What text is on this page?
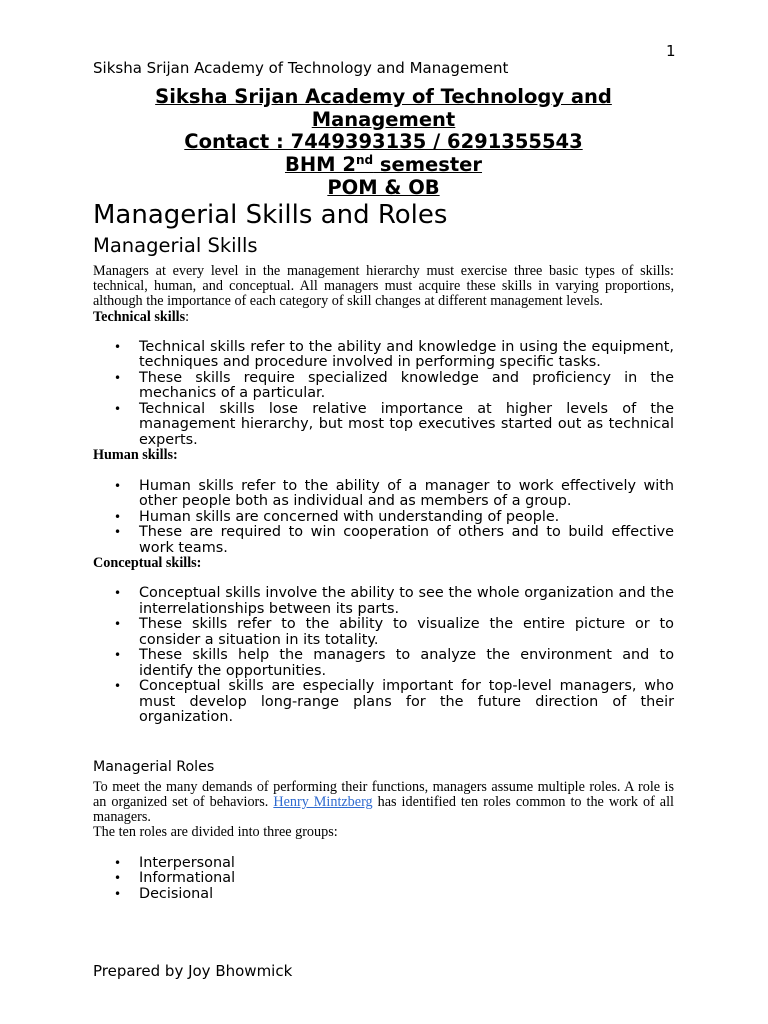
1
Siksha Srijan Academy of Technology and Management
Siksha Srijan Academy of Technology and Management
Contact : 7449393135 / 6291355543
BHM 2nd semester
POM & OB
Managerial Skills and Roles
Managerial Skills

Managers at every level in the management hierarchy must exercise three basic types of skills: technical, human, and conceptual. All managers must acquire these skills in varying proportions, although the importance of each category of skill changes at different management levels.

Technical skills:

• Technical skills refer to the ability and knowledge in using the equipment, techniques and procedure involved in performing specific tasks.
• These skills require specialized knowledge and proficiency in the mechanics of a particular.
• Technical skills lose relative importance at higher levels of the management hierarchy, but most top executives started out as technical experts.

Human skills:

• Human skills refer to the ability of a manager to work effectively with other people both as individual and as members of a group.
• Human skills are concerned with understanding of people.
• These are required to win cooperation of others and to build effective work teams.

Conceptual skills:

• Conceptual skills involve the ability to see the whole organization and the interrelationships between its parts.
• These skills refer to the ability to visualize the entire picture or to consider a situation in its totality.
• These skills help the managers to analyze the environment and to identify the opportunities.
• Conceptual skills are especially important for top-level managers, who must develop long-range plans for the future direction of their organization.
Managerial Roles

To meet the many demands of performing their functions, managers assume multiple roles. A role is an organized set of behaviors. Henry Mintzberg has identified ten roles common to the work of all managers.

The ten roles are divided into three groups:

• Interpersonal
• Informational
• Decisional
Prepared by Joy Bhowmick
